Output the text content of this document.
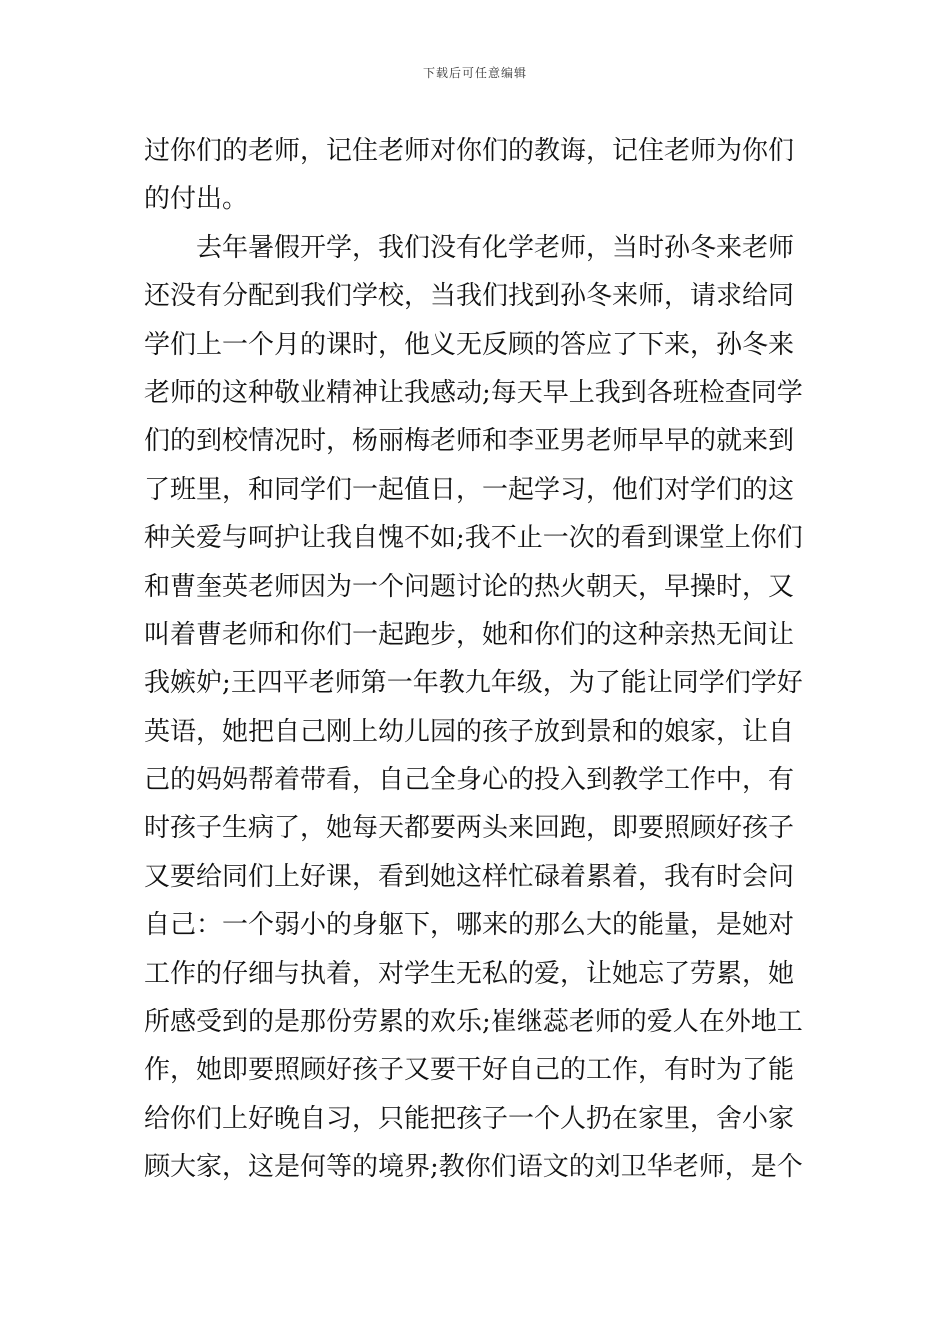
下载后可任意编辑
过你们的老师，记住老师对你们的教诲，记住老师为你们
的付出。
去年暑假开学，我们没有化学老师，当时孙冬来老师
还没有分配到我们学校，当我们找到孙冬来师，请求给同
学们上一个月的课时，他义无反顾的答应了下来，孙冬来
老师的这种敬业精神让我感动;每天早上我到各班检查同学
们的到校情况时，杨丽梅老师和李亚男老师早早的就来到
了班里，和同学们一起值日，一起学习，他们对学们的这
种关爱与呵护让我自愧不如;我不止一次的看到课堂上你们
和曹奎英老师因为一个问题讨论的热火朝天，早操时，又
叫着曹老师和你们一起跑步，她和你们的这种亲热无间让
我嫉妒;王四平老师第一年教九年级，为了能让同学们学好
英语，她把自己刚上幼儿园的孩子放到景和的娘家，让自
己的妈妈帮着带看，自己全身心的投入到教学工作中，有
时孩子生病了，她每天都要两头来回跑，即要照顾好孩子
又要给同们上好课，看到她这样忙碌着累着，我有时会问
自己：一个弱小的身躯下，哪来的那么大的能量，是她对
工作的仔细与执着，对学生无私的爱，让她忘了劳累，她
所感受到的是那份劳累的欢乐;崔继蕊老师的爱人在外地工
作，她即要照顾好孩子又要干好自己的工作，有时为了能
给你们上好晚自习，只能把孩子一个人扔在家里，舍小家
顾大家，这是何等的境界;教你们语文的刘卫华老师，是个
